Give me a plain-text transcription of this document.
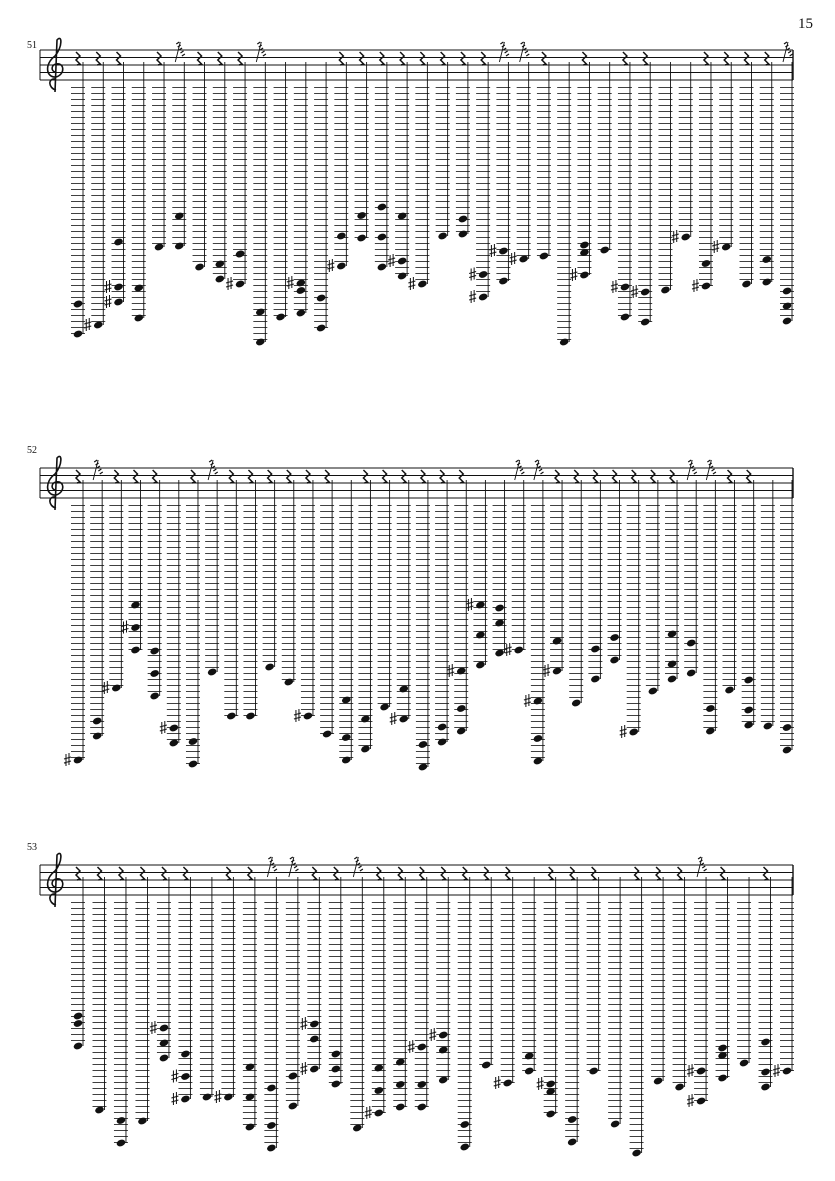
15
51
52
53
